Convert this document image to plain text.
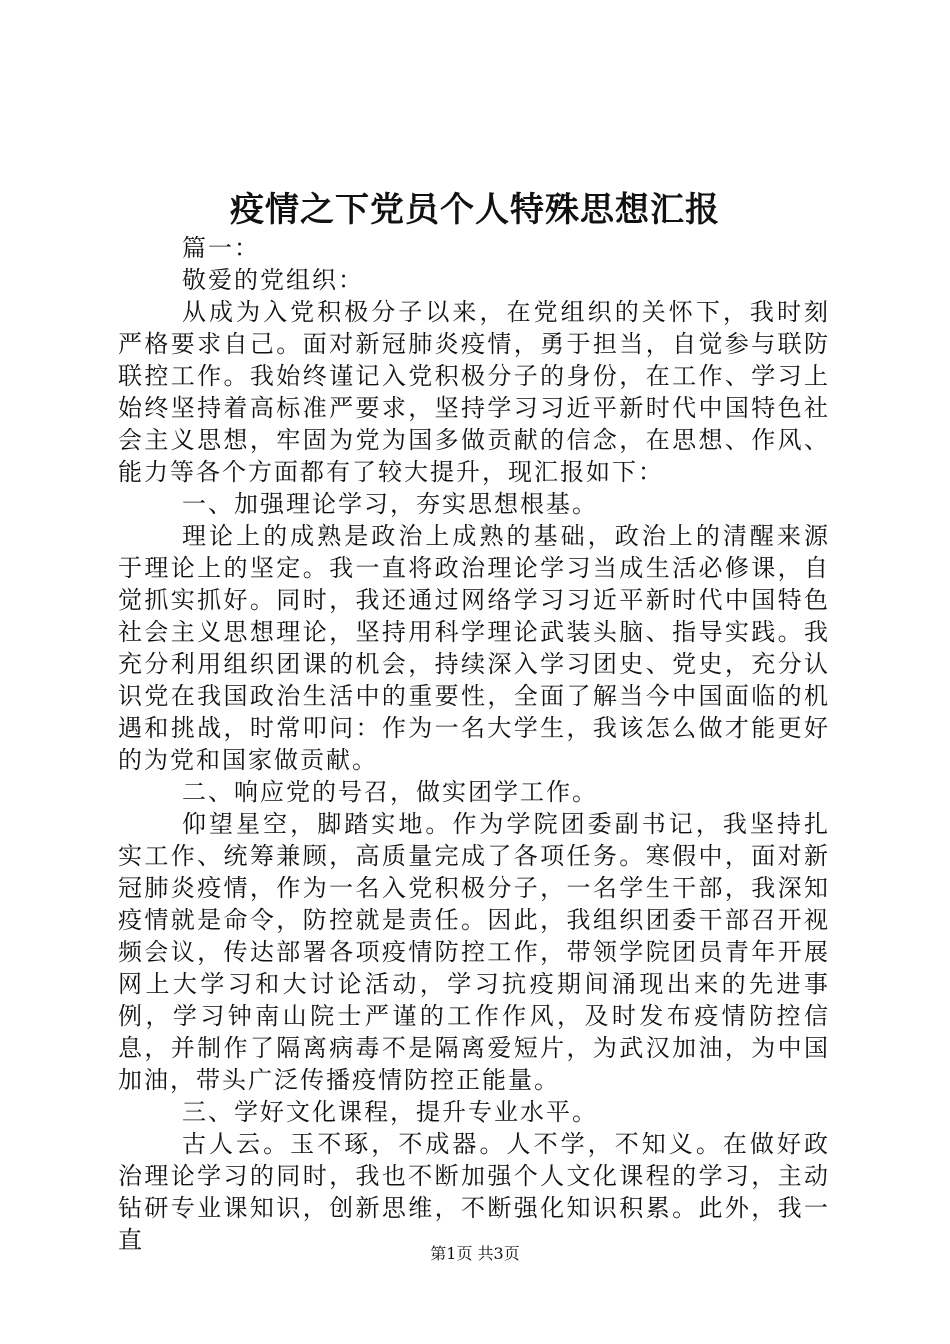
疫情之下党员个人特殊思想汇报

篇一：

敬爱的党组织：

从成为入党积极分子以来，在党组织的关怀下，我时刻严格要求自己。面对新冠肺炎疫情，勇于担当，自觉参与联防联控工作。我始终谨记入党积极分子的身份，在工作、学习上始终坚持着高标准严要求，坚持学习习近平新时代中国特色社会主义思想，牢固为党为国多做贡献的信念，在思想、作风、能力等各个方面都有了较大提升，现汇报如下：

一、加强理论学习，夯实思想根基。

理论上的成熟是政治上成熟的基础，政治上的清醒来源于理论上的坚定。我一直将政治理论学习当成生活必修课，自觉抓实抓好。同时，我还通过网络学习习近平新时代中国特色社会主义思想理论，坚持用科学理论武装头脑、指导实践。我充分利用组织团课的机会，持续深入学习团史、党史，充分认识党在我国政治生活中的重要性，全面了解当今中国面临的机遇和挑战，时常叩问：作为一名大学生，我该怎么做才能更好的为党和国家做贡献。

二、响应党的号召，做实团学工作。

仰望星空，脚踏实地。作为学院团委副书记，我坚持扎实工作、统筹兼顾，高质量完成了各项任务。寒假中，面对新冠肺炎疫情，作为一名入党积极分子，一名学生干部，我深知疫情就是命令，防控就是责任。因此，我组织团委干部召开视频会议，传达部署各项疫情防控工作，带领学院团员青年开展网上大学习和大讨论活动，学习抗疫期间涌现出来的先进事例，学习钟南山院士严谨的工作作风，及时发布疫情防控信息，并制作了隔离病毒不是隔离爱短片，为武汉加油，为中国加油，带头广泛传播疫情防控正能量。

三、学好文化课程，提升专业水平。

古人云。玉不琢，不成器。人不学，不知义。在做好政治理论学习的同时，我也不断加强个人文化课程的学习，主动钻研专业课知识，创新思维，不断强化知识积累。此外，我一直	第1页 共3页
